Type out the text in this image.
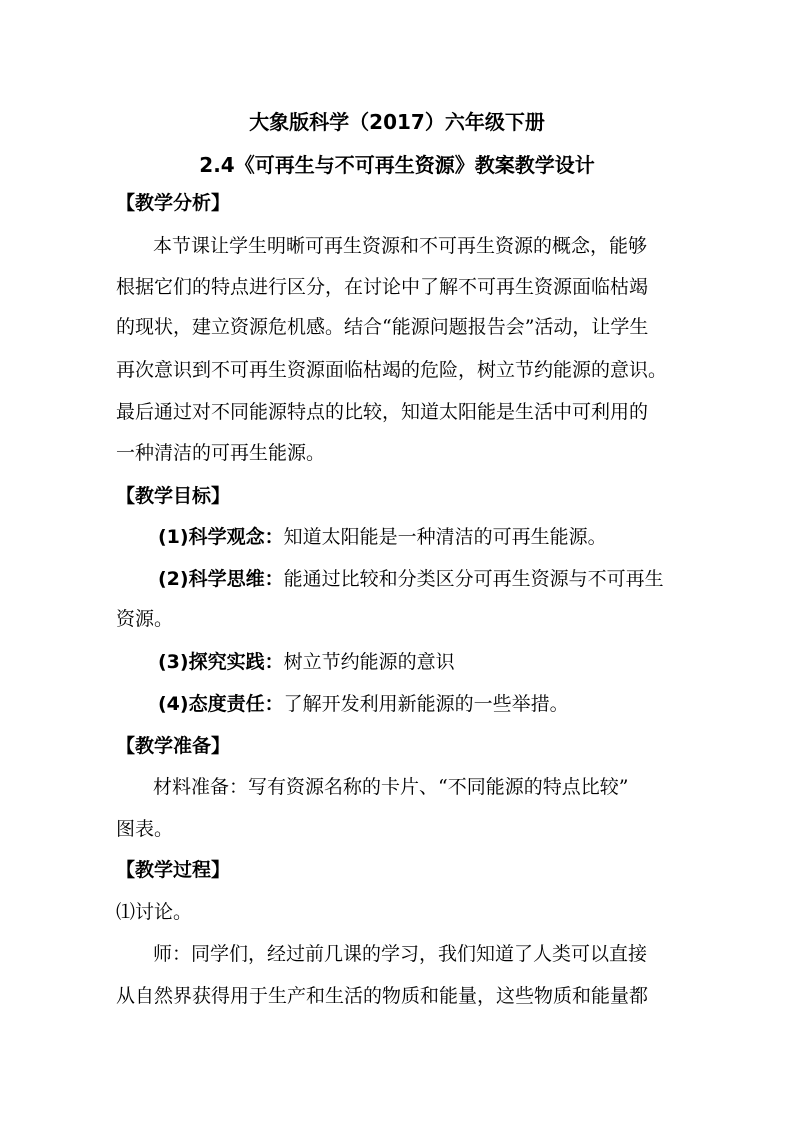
大象版科学（2017）六年级下册
2.4《可再生与不可再生资源》教案教学设计
【教学分析】
本节课让学生明晰可再生资源和不可再生资源的概念，能够
根据它们的特点进行区分，在讨论中了解不可再生资源面临枯竭
的现状，建立资源危机感。结合“能源问题报告会”活动，让学生
再次意识到不可再生资源面临枯竭的危险，树立节约能源的意识。
最后通过对不同能源特点的比较，知道太阳能是生活中可利用的
一种清洁的可再生能源。
【教学目标】
(1)科学观念：知道太阳能是一种清洁的可再生能源。
(2)科学思维：能通过比较和分类区分可再生资源与不可再生
资源。
(3)探究实践：树立节约能源的意识
(4)态度责任：了解开发利用新能源的一些举措。
【教学准备】
材料准备：写有资源名称的卡片、“不同能源的特点比较”
图表。
【教学过程】
⑴讨论。
师：同学们，经过前几课的学习，我们知道了人类可以直接
从自然界获得用于生产和生活的物质和能量，这些物质和能量都
